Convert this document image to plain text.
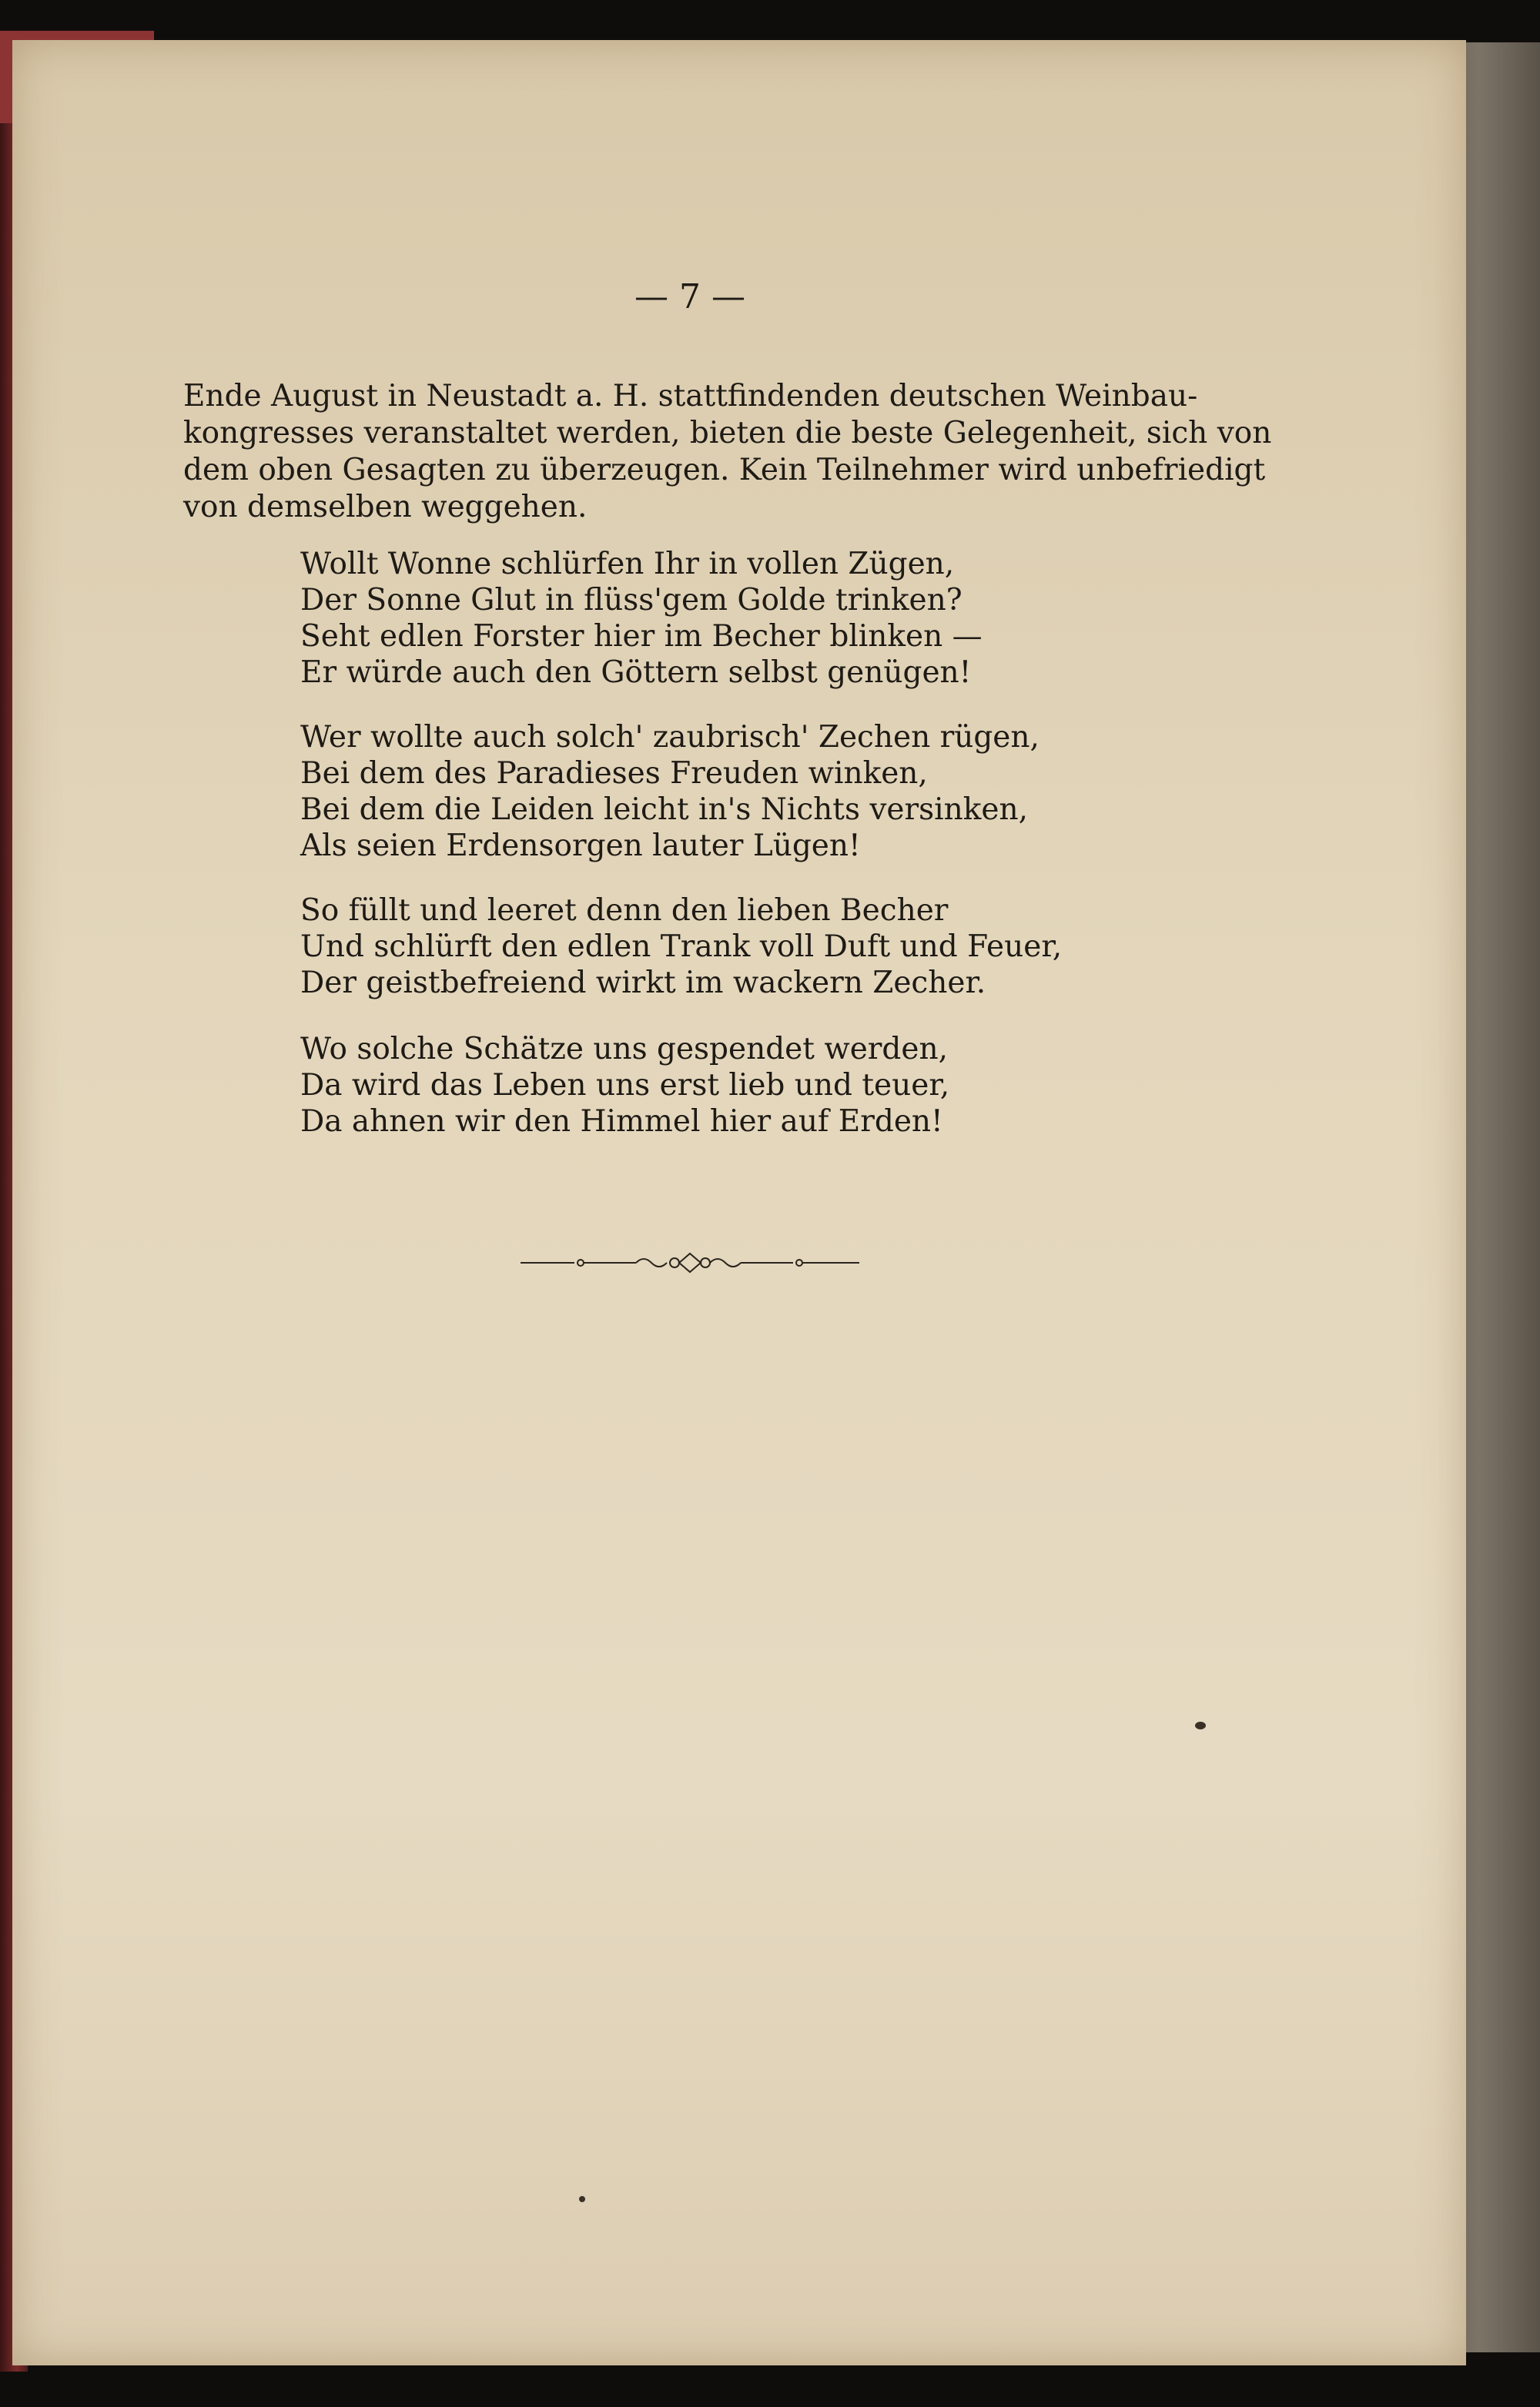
— 7 —
Ende August in Neustadt a. H. stattfindenden deutschen Weinbau-
kongresses veranstaltet werden, bieten die beste Gelegenheit, sich von
dem oben Gesagten zu überzeugen. Kein Teilnehmer wird unbefriedigt
von demselben weggehen.
Wollt Wonne schlürfen Ihr in vollen Zügen,
Der Sonne Glut in flüss'gem Golde trinken?
Seht edlen Forster hier im Becher blinken —
Er würde auch den Göttern selbst genügen!
Wer wollte auch solch' zaubrisch' Zechen rügen,
Bei dem des Paradieses Freuden winken,
Bei dem die Leiden leicht in's Nichts versinken,
Als seien Erdensorgen lauter Lügen!
So füllt und leeret denn den lieben Becher
Und schlürft den edlen Trank voll Duft und Feuer,
Der geistbefreiend wirkt im wackern Zecher.
Wo solche Schätze uns gespendet werden,
Da wird das Leben uns erst lieb und teuer,
Da ahnen wir den Himmel hier auf Erden!
